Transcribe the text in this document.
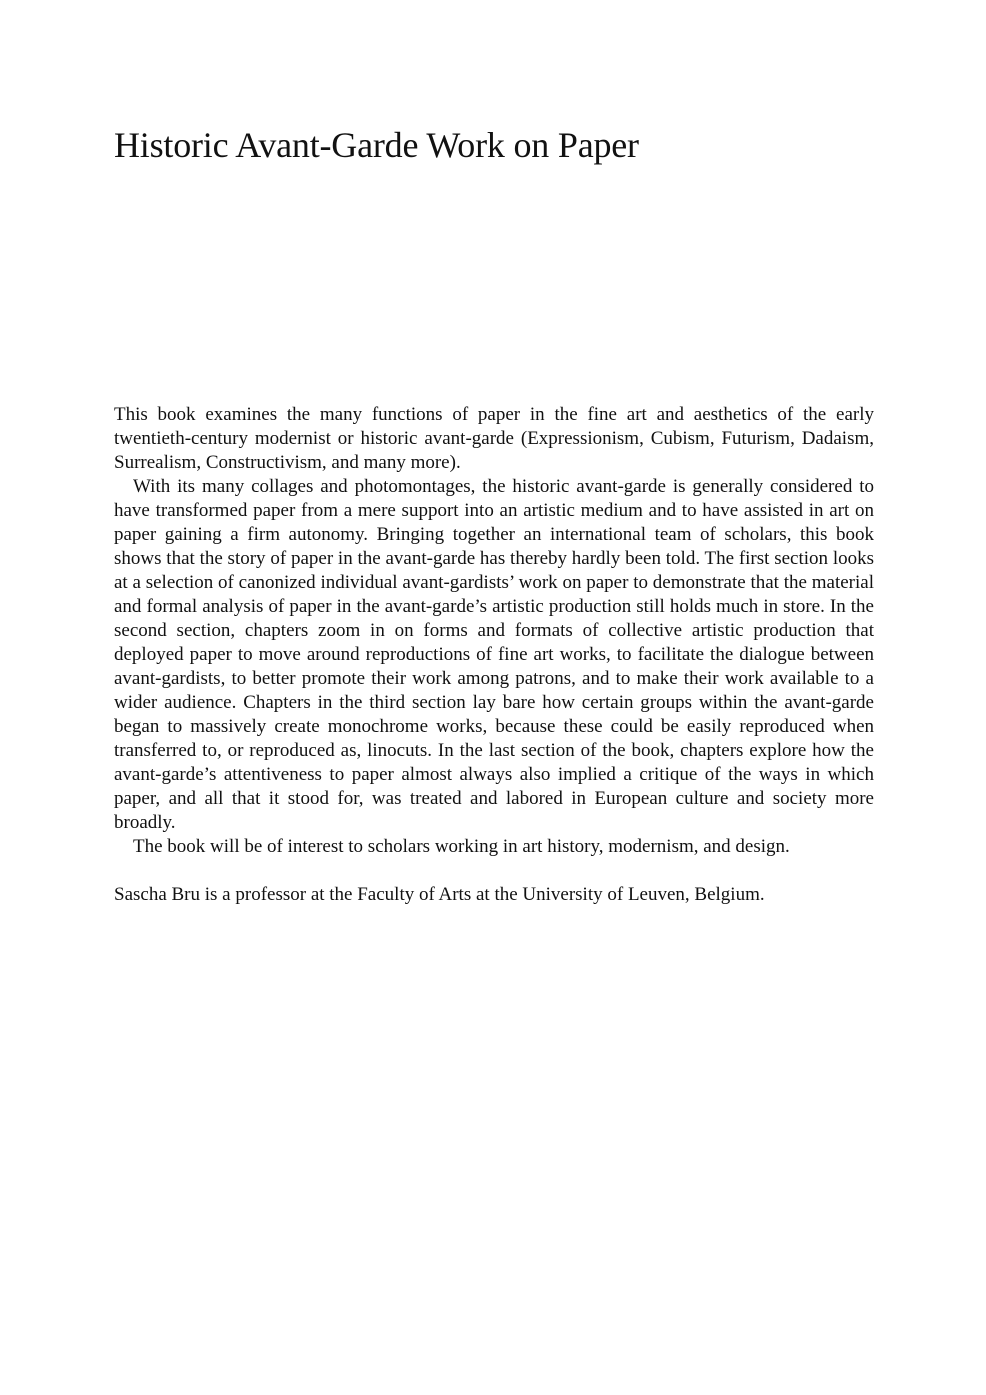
Historic Avant-Garde Work on Paper

This book examines the many functions of paper in the fine art and aesthetics of the early twentieth-century modernist or historic avant-garde (Expressionism, Cubism, Futurism, Dadaism, Surrealism, Constructivism, and many more).

With its many collages and photomontages, the historic avant-garde is generally considered to have transformed paper from a mere support into an artistic medium and to have assisted in art on paper gaining a firm autonomy. Bringing together an international team of scholars, this book shows that the story of paper in the avant-garde has thereby hardly been told. The first section looks at a selection of canonized individual avant-gardists’ work on paper to demonstrate that the material and formal analysis of paper in the avant-garde’s artistic production still holds much in store. In the second section, chapters zoom in on forms and formats of collective artistic production that deployed paper to move around reproductions of fine art works, to facilitate the dialogue between avant-gardists, to better promote their work among patrons, and to make their work available to a wider audience. Chapters in the third section lay bare how certain groups within the avant-garde began to massively create monochrome works, because these could be easily reproduced when transferred to, or reproduced as, linocuts. In the last section of the book, chapters explore how the avant-garde’s attentiveness to paper almost always also implied a critique of the ways in which paper, and all that it stood for, was treated and labored in European culture and society more broadly.

The book will be of interest to scholars working in art history, modernism, and design.

Sascha Bru is a professor at the Faculty of Arts at the University of Leuven, Belgium.
